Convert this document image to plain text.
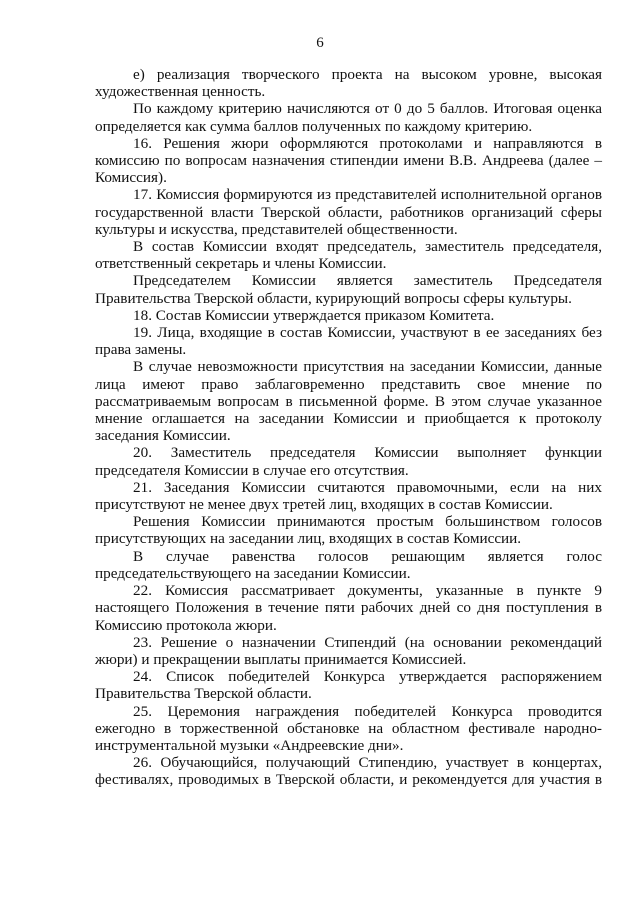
6

е) реализация творческого проекта на высоком уровне, высокая художественная ценность.

По каждому критерию начисляются от 0 до 5 баллов. Итоговая оценка определяется как сумма баллов полученных по каждому критерию.

16. Решения жюри оформляются протоколами и направляются в комиссию по вопросам назначения стипендии имени В.В. Андреева (далее – Комиссия).

17. Комиссия формируются из представителей исполнительной органов государственной власти Тверской области, работников организаций сферы культуры и искусства, представителей общественности.

В состав Комиссии входят председатель, заместитель председателя, ответственный секретарь и члены Комиссии.

Председателем Комиссии является заместитель Председателя Правительства Тверской области, курирующий вопросы сферы культуры.

18. Состав Комиссии утверждается приказом Комитета.

19. Лица, входящие в состав Комиссии, участвуют в ее заседаниях без права замены.

В случае невозможности присутствия на заседании Комиссии, данные лица имеют право заблаговременно представить свое мнение по рассматриваемым вопросам в письменной форме. В этом случае указанное мнение оглашается на заседании Комиссии и приобщается к протоколу заседания Комиссии.

20. Заместитель председателя Комиссии выполняет функции председателя Комиссии в случае его отсутствия.

21. Заседания Комиссии считаются правомочными, если на них присутствуют не менее двух третей лиц, входящих в состав Комиссии.

Решения Комиссии принимаются простым большинством голосов присутствующих на заседании лиц, входящих в состав Комиссии.

В случае равенства голосов решающим является голос председательствующего на заседании Комиссии.

22. Комиссия рассматривает документы, указанные в пункте 9 настоящего Положения в течение пяти рабочих дней со дня поступления в Комиссию протокола жюри.

23. Решение о назначении Стипендий (на основании рекомендаций жюри) и прекращении выплаты принимается Комиссией.

24. Список победителей Конкурса утверждается распоряжением Правительства Тверской области.

25. Церемония награждения победителей Конкурса проводится ежегодно в торжественной обстановке на областном фестивале народно-инструментальной музыки «Андреевские дни».

26. Обучающийся, получающий Стипендию, участвует в концертах, фестивалях, проводимых в Тверской области, и рекомендуется для участия в
